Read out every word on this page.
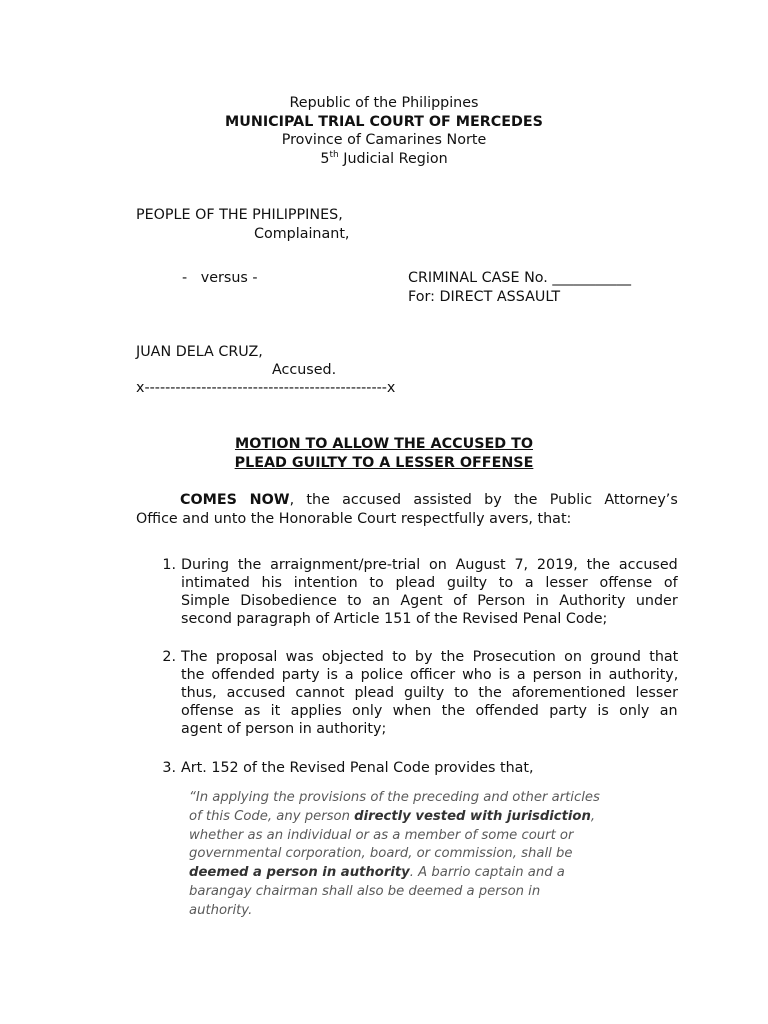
Republic of the Philippines
MUNICIPAL TRIAL COURT OF MERCEDES
Province of Camarines Norte
5th Judicial Region
PEOPLE OF THE PHILIPPINES,
Complainant,
-   versus -	CRIMINAL CASE No. ___________
For: DIRECT ASSAULT
JUAN DELA CRUZ,
Accused.
x-----------------------------------------------x
MOTION TO ALLOW THE ACCUSED TO
PLEAD GUILTY TO A LESSER OFFENSE
COMES NOW, the accused assisted by the Public Attorney’s
Office and unto the Honorable Court respectfully avers, that:
1. During the arraignment/pre-trial on August 7, 2019, the accused
intimated his intention to plead guilty to a lesser offense of
Simple Disobedience to an Agent of Person in Authority under
second paragraph of Article 151 of the Revised Penal Code;
2. The proposal was objected to by the Prosecution on ground that
the offended party is a police officer who is a person in authority,
thus, accused cannot plead guilty to the aforementioned lesser
offense as it applies only when the offended party is only an
agent of person in authority;
3. Art. 152 of the Revised Penal Code provides that,
“In applying the provisions of the preceding and other articles
of this Code, any person directly vested with jurisdiction,
whether as an individual or as a member of some court or
governmental corporation, board, or commission, shall be
deemed a person in authority. A barrio captain and a
barangay chairman shall also be deemed a person in
authority.
